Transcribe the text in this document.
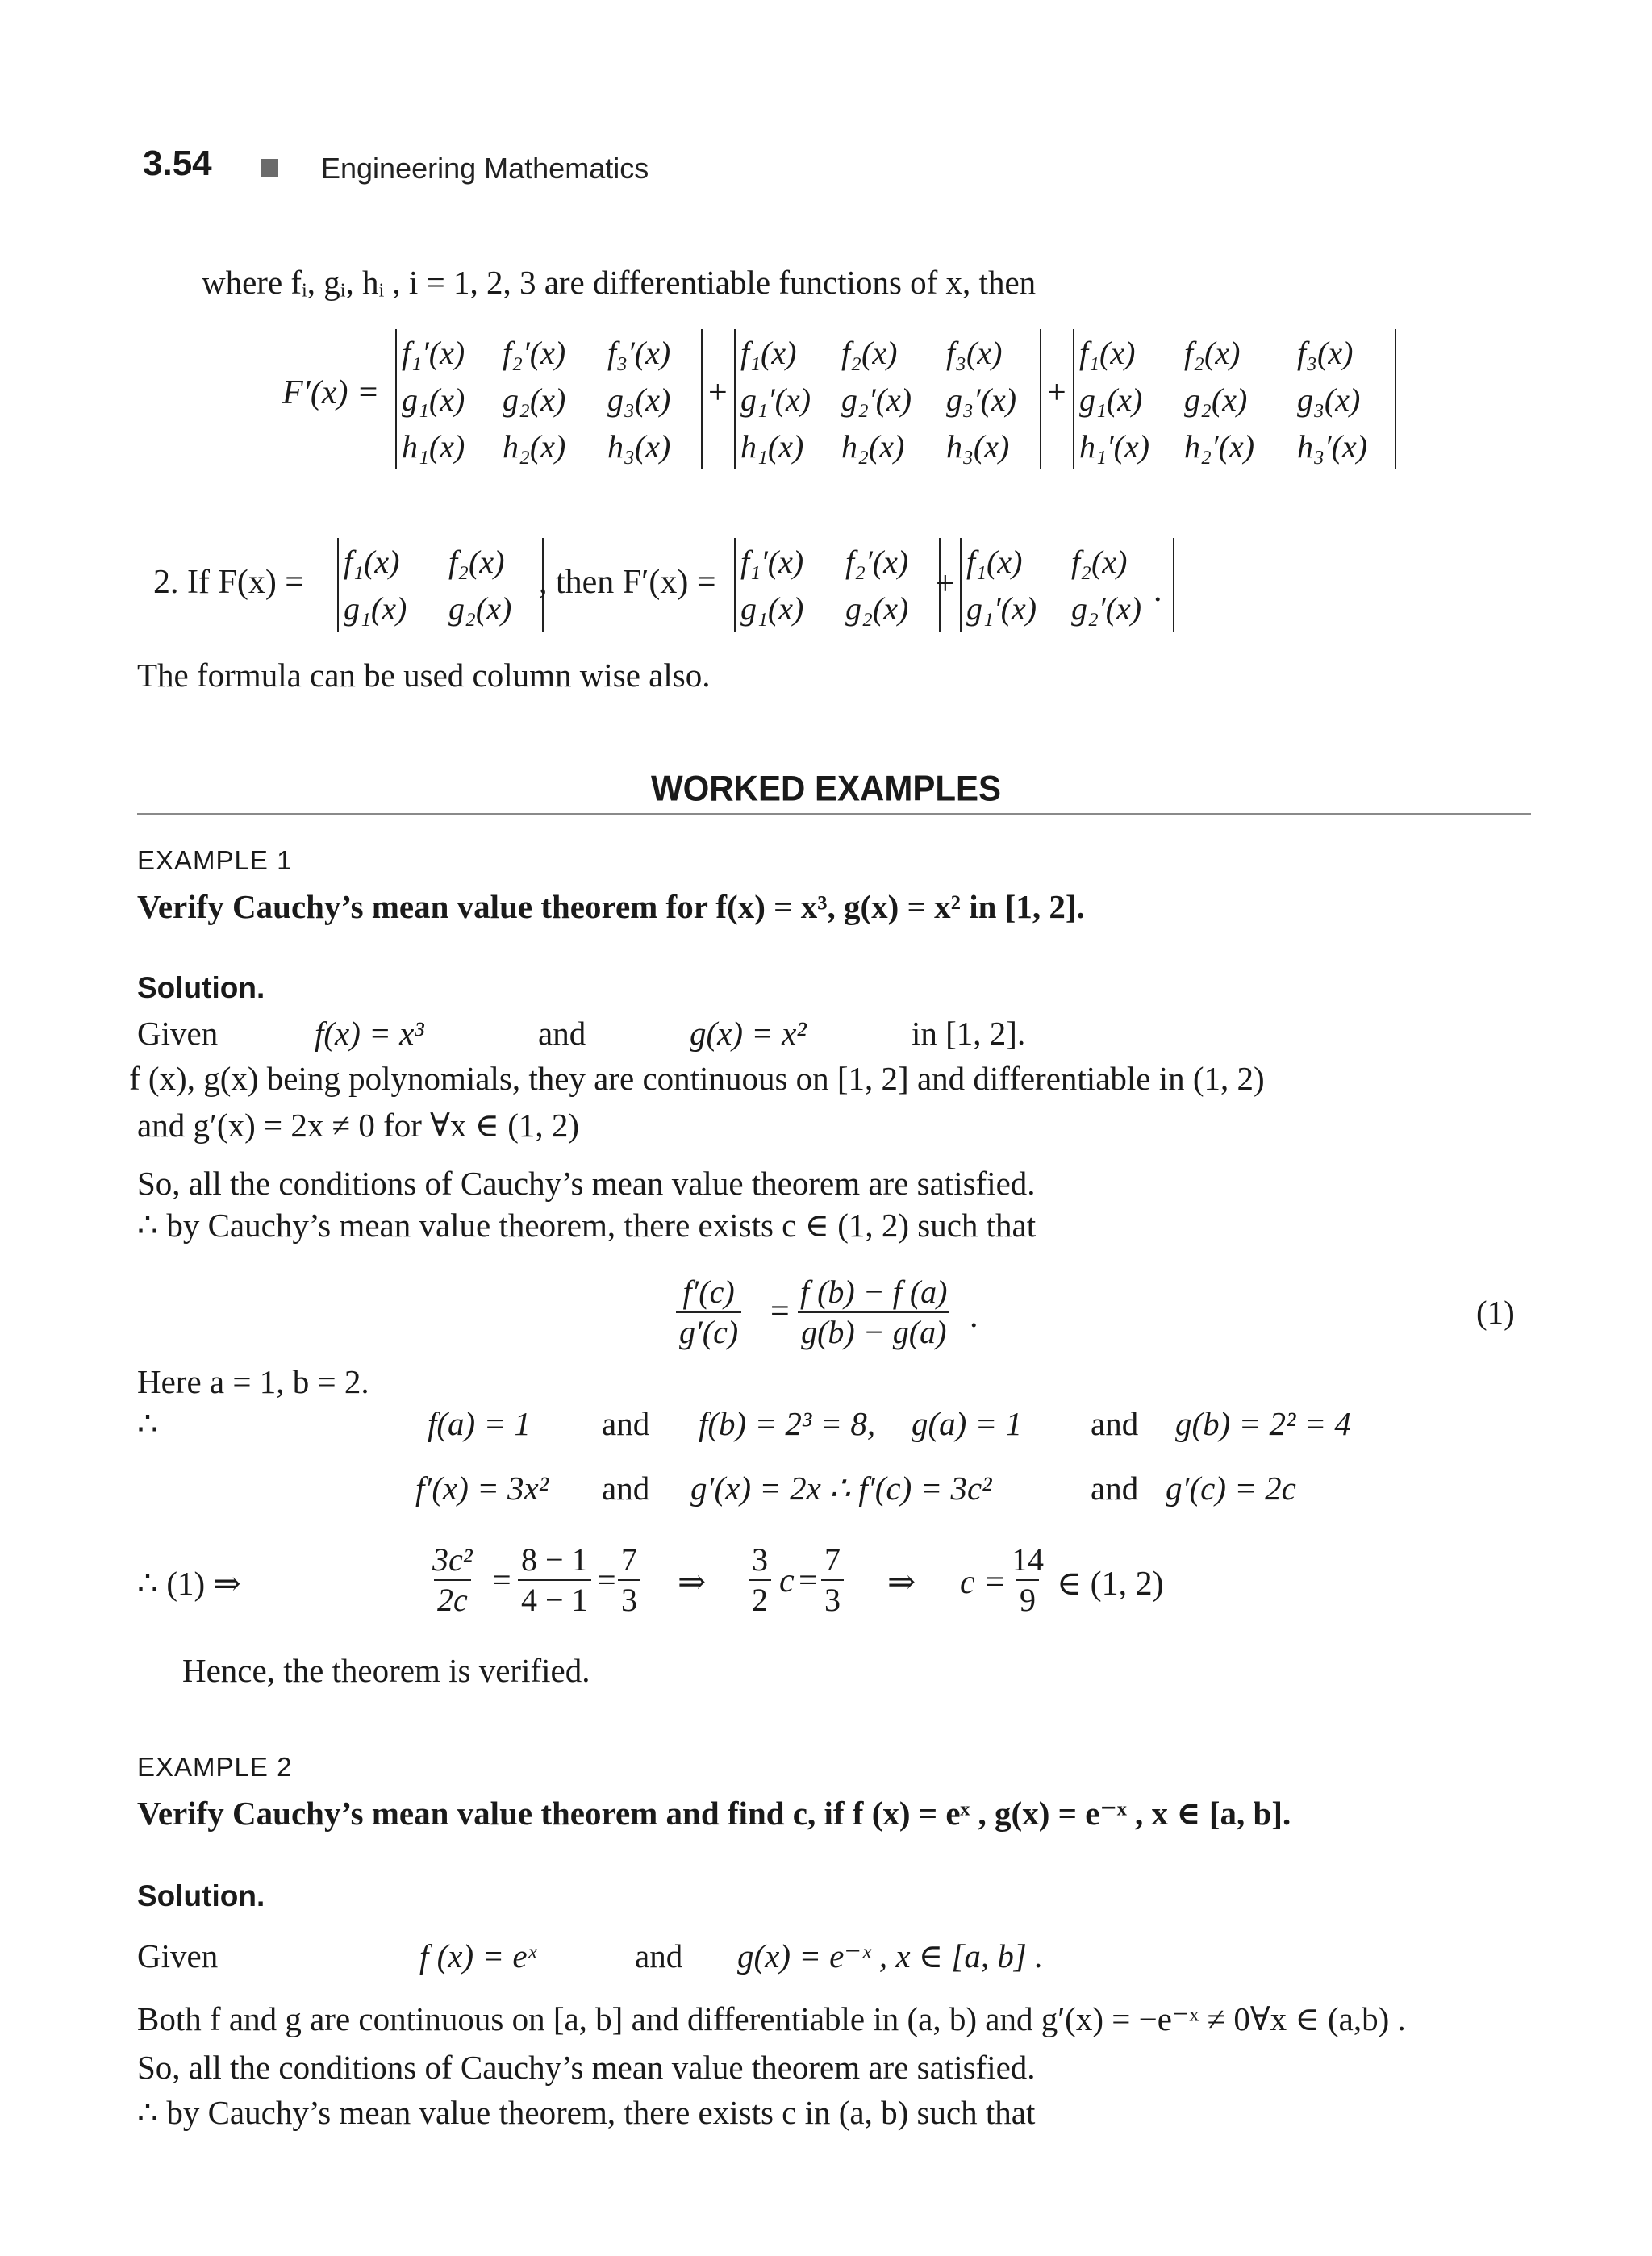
3.54	Engineering Mathematics
where fᵢ, gᵢ, hᵢ , i = 1, 2, 3 are differentiable functions of x, then
F′(x) =
f₁′(x)	f₂′(x)	f₃′(x)
g₁(x)	g₂(x)	g₃(x)
h₁(x)	h₂(x)	h₃(x)
+
f₁(x)	f₂(x)	f₃(x)
g₁′(x) g₂′(x)	g₃′(x)
h₁(x)	h₂(x)	h₃(x)
+
f₁(x)	f₂(x)	f₃(x)
g₁(x)	g₂(x)	g₃(x)
h₁′(x)	h₂′(x)	h₃′(x)
2. If F(x) =
f₁(x)	f₂(x)
g₁(x)	g₂(x)
, then F′(x) =
f₁′(x)	f₂′(x)
g₁(x)	g₂(x)
+
f₁(x)	f₂(x)
g₁′(x)	g₂′(x) .
The formula can be used column wise also.
WORKED EXAMPLES
EXAMPLE 1
Verify Cauchy’s mean value theorem for f(x) = x³, g(x) = x² in [1, 2].
Solution.
Given	f(x) = x³	and	g(x) = x²	in [1, 2].
f (x), g(x) being polynomials, they are continuous on [1, 2] and differentiable in (1, 2)
and g′(x) = 2x ≠ 0 for ∀x ∈ (1, 2)
So, all the conditions of Cauchy’s mean value theorem are satisfied.
∴ by Cauchy’s mean value theorem, there exists c ∈ (1, 2) such that
$\frac{f'(c)}{g'(c)} = \frac{f (b) - f (a)}{g(b) - g(a)}$ .	(1)
Here a = 1, b = 2.
∴	f(a) = 1 and f(b) = 2³ = 8, g(a) = 1 and g(b) = 2² = 4
f′(x) = 3x² and g′(x) = 2x ∴ f′(c) = 3c²	and g′(c) = 2c
∴ (1) ⇒	$\frac{\text{3c²}}{2c} = \frac{8 - 1}{4 - 1} = \frac{7}{3}$ ⇒ $\frac{3}{2}$ $c = \frac{7}{3}$ ⇒ $c = \frac{14}{9}$ ∈ (1, 2)
Hence, the theorem is verified.
EXAMPLE 2
Verify Cauchy’s mean value theorem and find c, if f (x) = eˣ , g(x) = e⁻ˣ , x ∈ [a, b].
Solution.
Given	f (x) = eˣ	and g(x) = e⁻ˣ , x ∈ [a, b] .
Both f and g are continuous on [a, b] and differentiable in (a, b) and g′(x) = −e⁻ˣ ≠ 0∀x ∈ (a,b) .
So, all the conditions of Cauchy’s mean value theorem are satisfied.
∴ by Cauchy’s mean value theorem, there exists c in (a, b) such that
